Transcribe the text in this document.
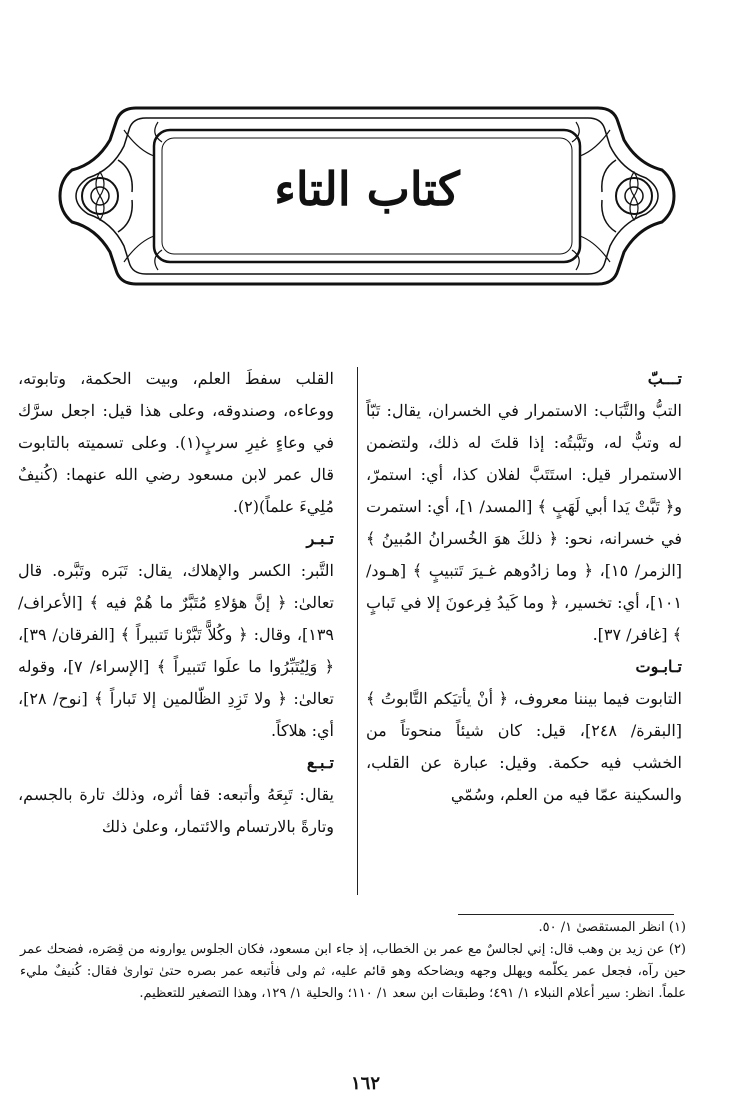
كتاب التاء

تـــبّ

التبُّ والتَّبَاب: الاستمرار في الخسران، يقال: تَبّاً له وتبٌّ له، وتَبَّبتُه: إذا قلتَ له ذلك، ولتضمن الاستمرار قيل: استَتَبَّ لفلان كذا، أي: استمرّ، و﴿ تَبَّتْ يَدا أبي لَهَبٍ ﴾ [المسد/ ١]، أي: استمرت في خسرانه، نحو: ﴿ ذلكَ هوَ الخُسرانُ المُبينُ ﴾ [الزمر/ ١٥]، ﴿ وما زادُوهم غـيرَ تَتبيبٍ ﴾ [هـود/ ١٠١]، أي: تخسير، ﴿ وما كَيدُ فِرعونَ إلا في تَبابٍ ﴾ [غافر/ ٣٧].

تـابـوت

التابوت فيما بيننا معروف، ﴿ أنْ يأتيَكم التَّابوتُ ﴾ [البقرة/ ٢٤٨]، قيل: كان شيئاً منحوتاً من الخشب فيه حكمة. وقيل: عبارة عن القلب، والسكينة عمّا فيه من العلم، وسُمّي

القلب سفطَ العلم، وبيت الحكمة، وتابوته، ووعاءه، وصندوقه، وعلى هذا قيل: اجعل سرَّك في وعاءٍ غيرِ سربٍ(١). وعلى تسميته بالتابوت قال عمر لابن مسعود رضي الله عنهما: (كُنيفٌ مُلِيءَ علماً)(٢).

تـبـر

التَّبر: الكسر والإهلاك، يقال: تَبَره وتَبَّره. قال تعالىٰ: ﴿ إنَّ هؤلاءِ مُتَبَّرٌ ما هُمْ فيه ﴾ [الأعراف/ ١٣٩]، وقال: ﴿ وكُلاًّ تَبَّرْنا تَتبيراً ﴾ [الفرقان/ ٣٩]، ﴿ وَلِيُتَبِّرُوا ما علَوا تَتبيراً ﴾ [الإسراء/ ٧]، وقوله تعالىٰ: ﴿ ولا تَزِدِ الظّالمين إلا تَباراً ﴾ [نوح/ ٢٨]، أي: هلاكاً.

تـبـع

يقال: تَبِعَهُ وأتبعه: قفا أثره، وذلك تارة بالجسم، وتارةً بالارتسام والائتمار، وعلىٰ ذلك

(١) انظر المستقصىٰ ١/ ٥٠.

(٢) عن زيد بن وهب قال: إني لجالسٌ مع عمر بن الخطاب، إذ جاء ابن مسعود، فكان الجلوس يوارونه من قِصَره، فضحك عمر حين رآه، فجعل عمر يكلّمه ويهلل وجهه ويضاحكه وهو قائم عليه، ثم ولى فأتبعه عمر بصره حتىٰ توارىٰ فقال: كُنيفٌ مليء علماً. انظر: سير أعلام النبلاء ١/ ٤٩١؛ وطبقات ابن سعد ١/ ١١٠؛ والحلية ١/ ١٢٩، وهذا التصغير للتعظيم.

١٦٢
